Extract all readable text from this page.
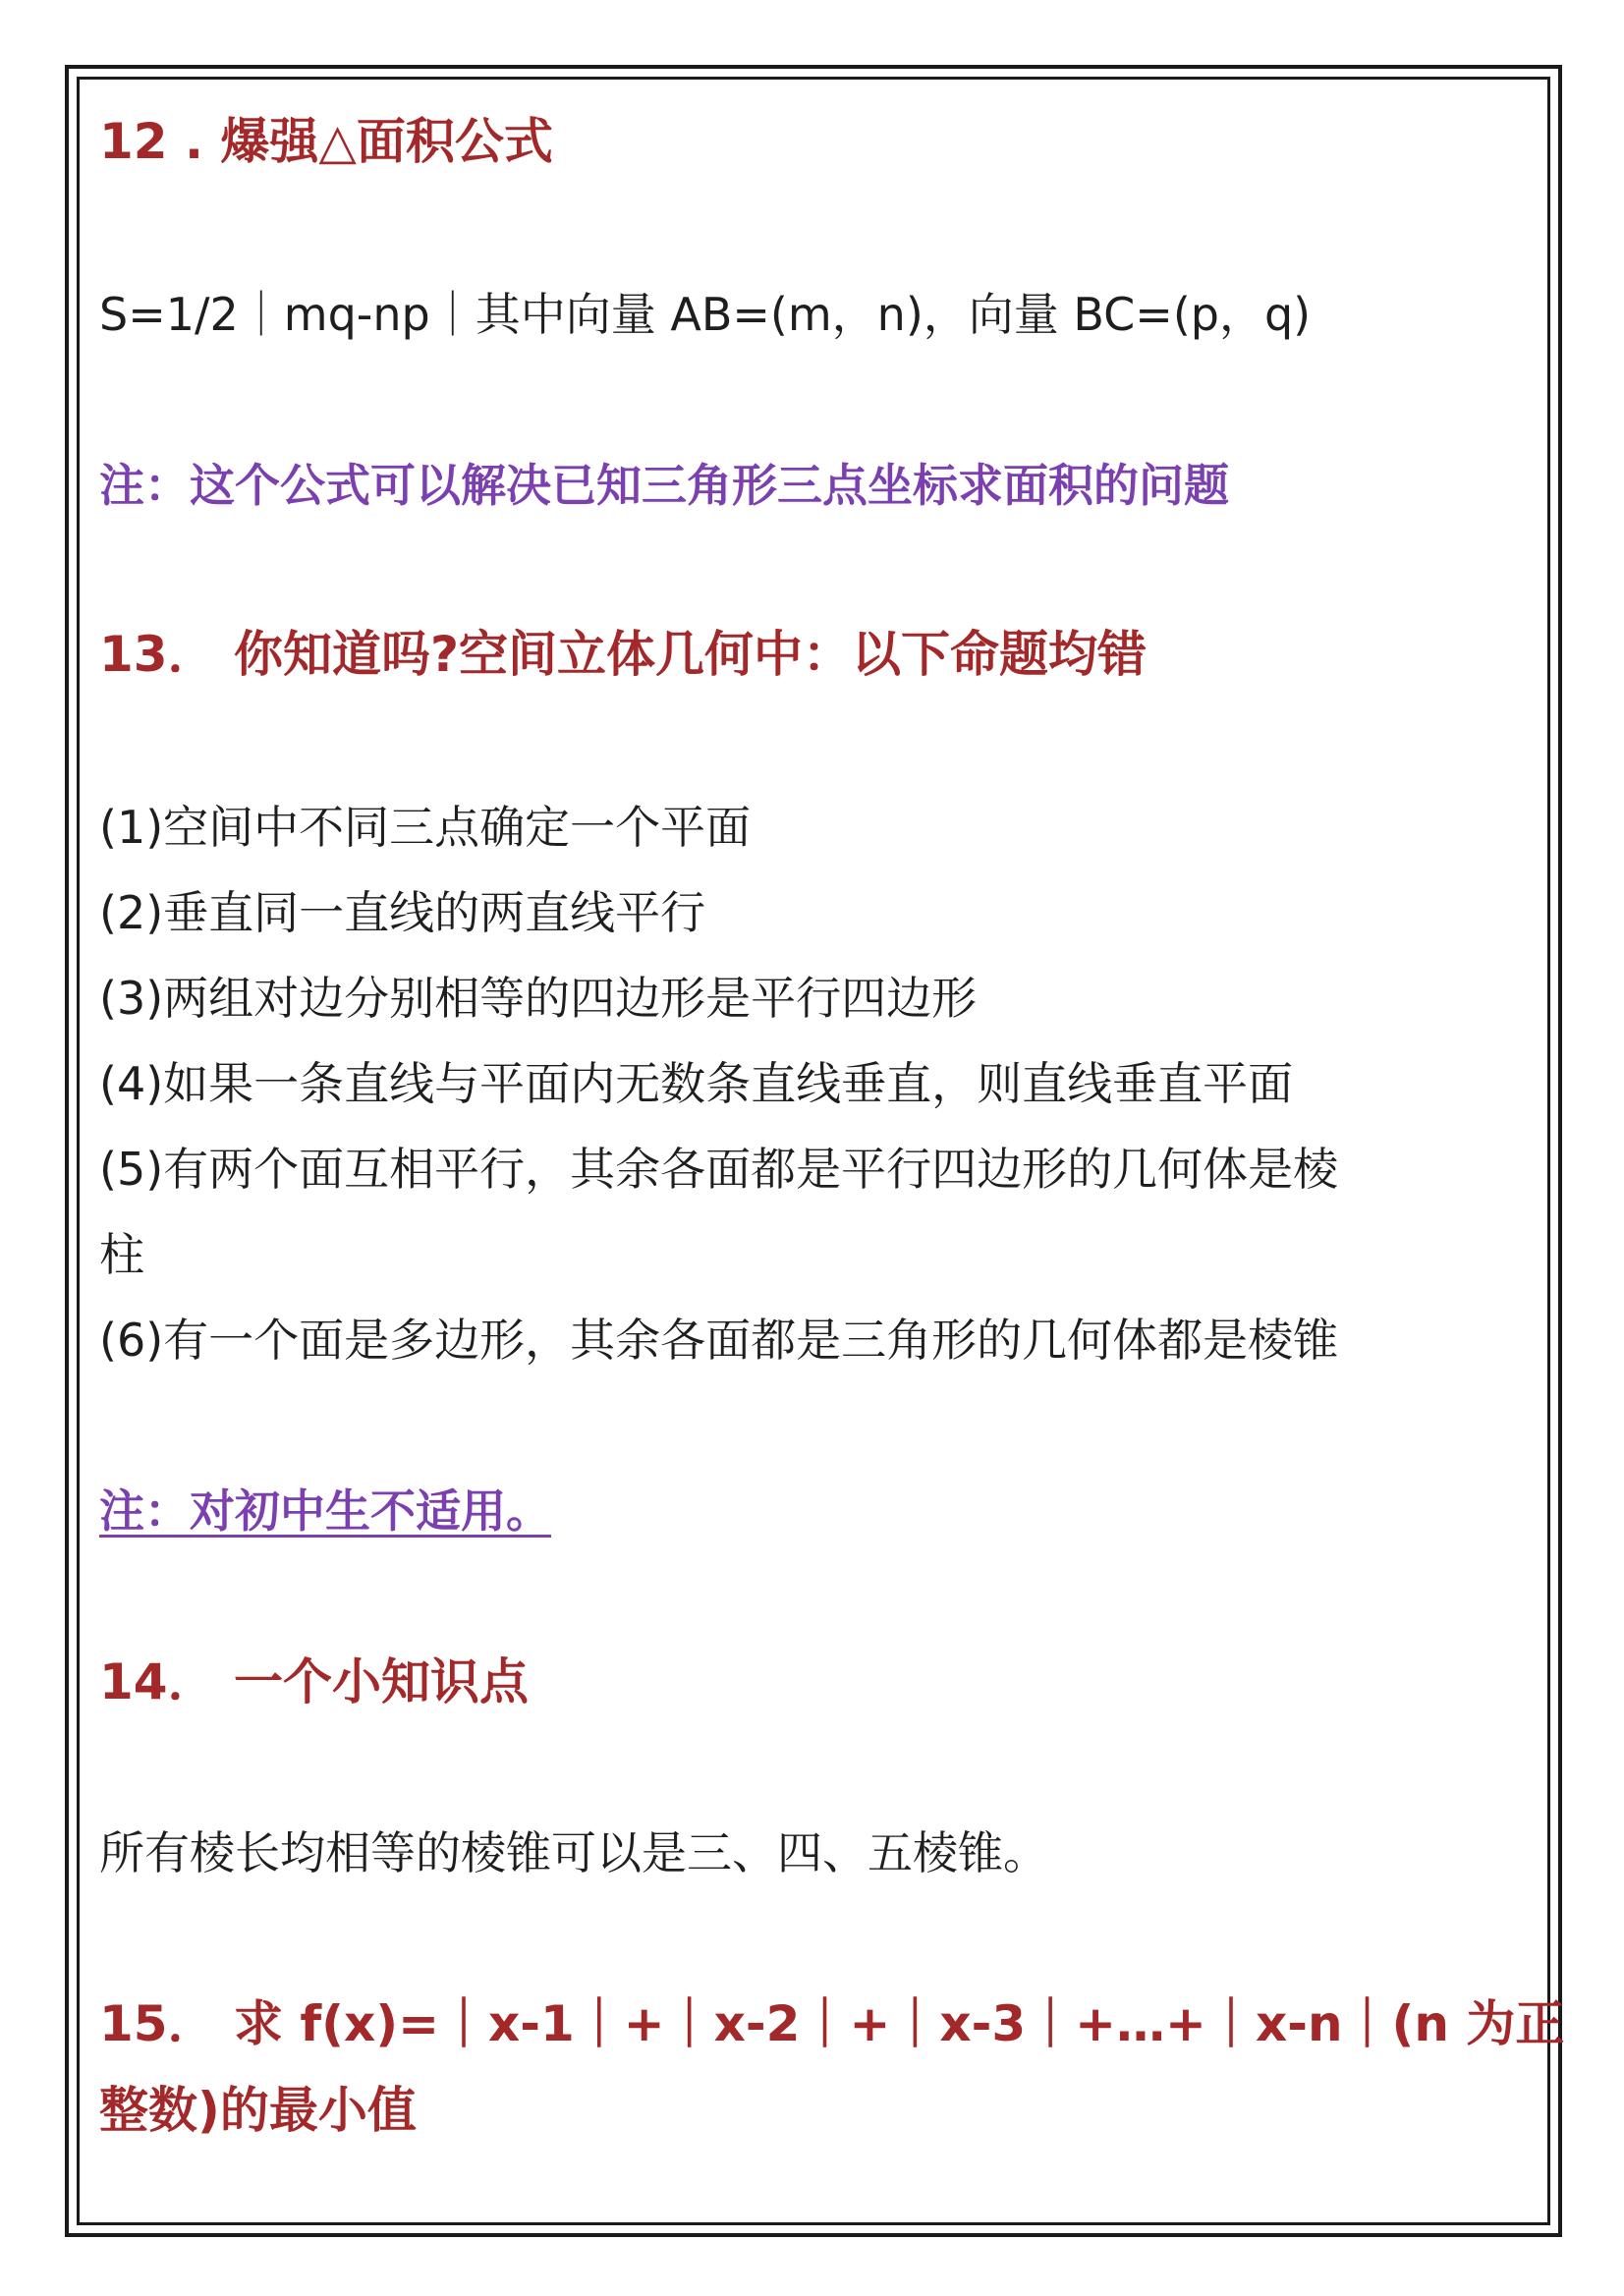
12 . 爆强△面积公式
S=1/2｜mq-np｜其中向量 AB=(m，n)，向量 BC=(p，q)
注：这个公式可以解决已知三角形三点坐标求面积的问题
13． 你知道吗?空间立体几何中：以下命题均错
(1)空间中不同三点确定一个平面
(2)垂直同一直线的两直线平行
(3)两组对边分别相等的四边形是平行四边形
(4)如果一条直线与平面内无数条直线垂直，则直线垂直平面
(5)有两个面互相平行，其余各面都是平行四边形的几何体是棱
柱
(6)有一个面是多边形，其余各面都是三角形的几何体都是棱锥
注：对初中生不适用。
14． 一个小知识点
所有棱长均相等的棱锥可以是三、四、五棱锥。
15． 求 f(x)=｜x-1｜+｜x-2｜+｜x-3｜+…+｜x-n｜(n 为正
整数)的最小值
